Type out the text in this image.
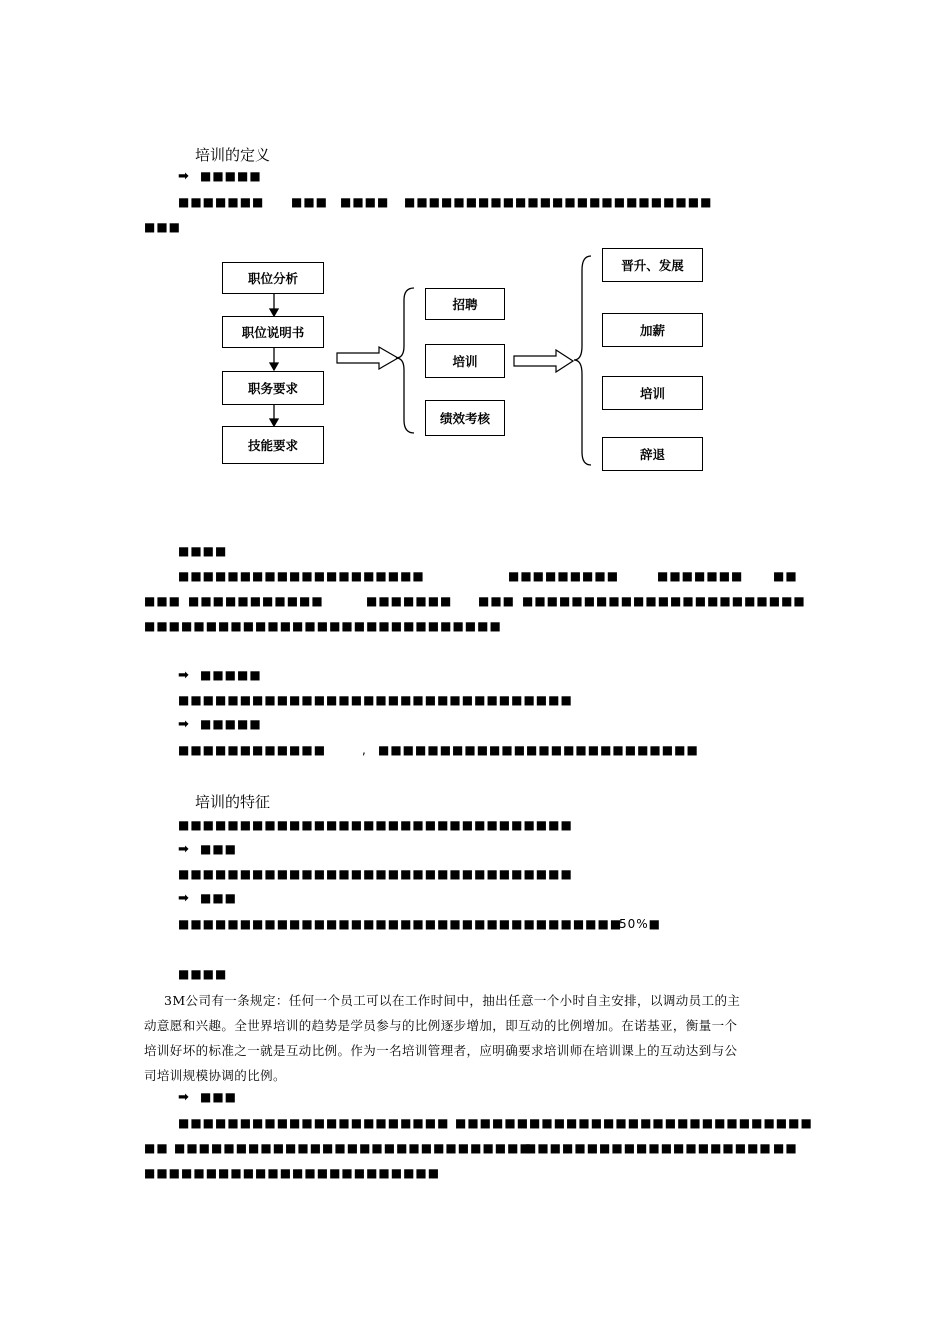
培训的定义
➡ ■■■■■
■■■■■■■ ■■■ ■■■■ ■■■■■■■■■■■■■■■■■■■■■■■■■
■■■
职位分析
职位说明书
职务要求
技能要求
招聘
培训
绩效考核
晋升、发展
加薪
培训
辞退
■■■■
■■■■■■■■■■■■■■■■■■■■	■■■■■■■■■	■■■■■■■ ■■
■■■ ■■■■■■■■■■■	■■■■■■■ ■■■ ■■■■■■■■■■■■■■■■■■■■■■■
■■■■■■■■■■■■■■■■■■■■■■■■■■■■■
➡ ■■■■■
■■■■■■■■■■■■■■■■■■■■■■■■■■■■■■■■
➡ ■■■■■
■■■■■■■■■■■■	, ■■■■■■■■■■■■■■■■■■■■■■■■■■
培训的特征
■■■■■■■■■■■■■■■■■■■■■■■■■■■■■■■■
➡ ■■■
■■■■■■■■■■■■■■■■■■■■■■■■■■■■■■■■
➡ ■■■
■■■■■■■■■■■■■■■■■■■■■■■■■■■■■■■■■■■■
50%■
■■■■
3M公司有一条规定：任何一个员工可以在工作时间中，抽出任意一个小时自主安排，以调动员工的主
动意愿和兴趣。全世界培训的趋势是学员参与的比例逐步增加，即互动的比例增加。在诺基亚，衡量一个
培训好坏的标准之一就是互动比例。作为一名培训管理者，应明确要求培训师在培训课上的互动达到与公
司培训规模协调的比例。
➡ ■■■
■■■■■■■■■■■■■■■■■■■■■■ ■■■■■■■■■■■■■■■■■■■■■■■■■■■■■
■■ ■■■■■■■■■■■■■■■■■■■■■■■■■■■■■
■■■■■■■■■■■■■■■■■■■■ ■■
■■■■■■■■■■■■■■■■■■■■■■■■
